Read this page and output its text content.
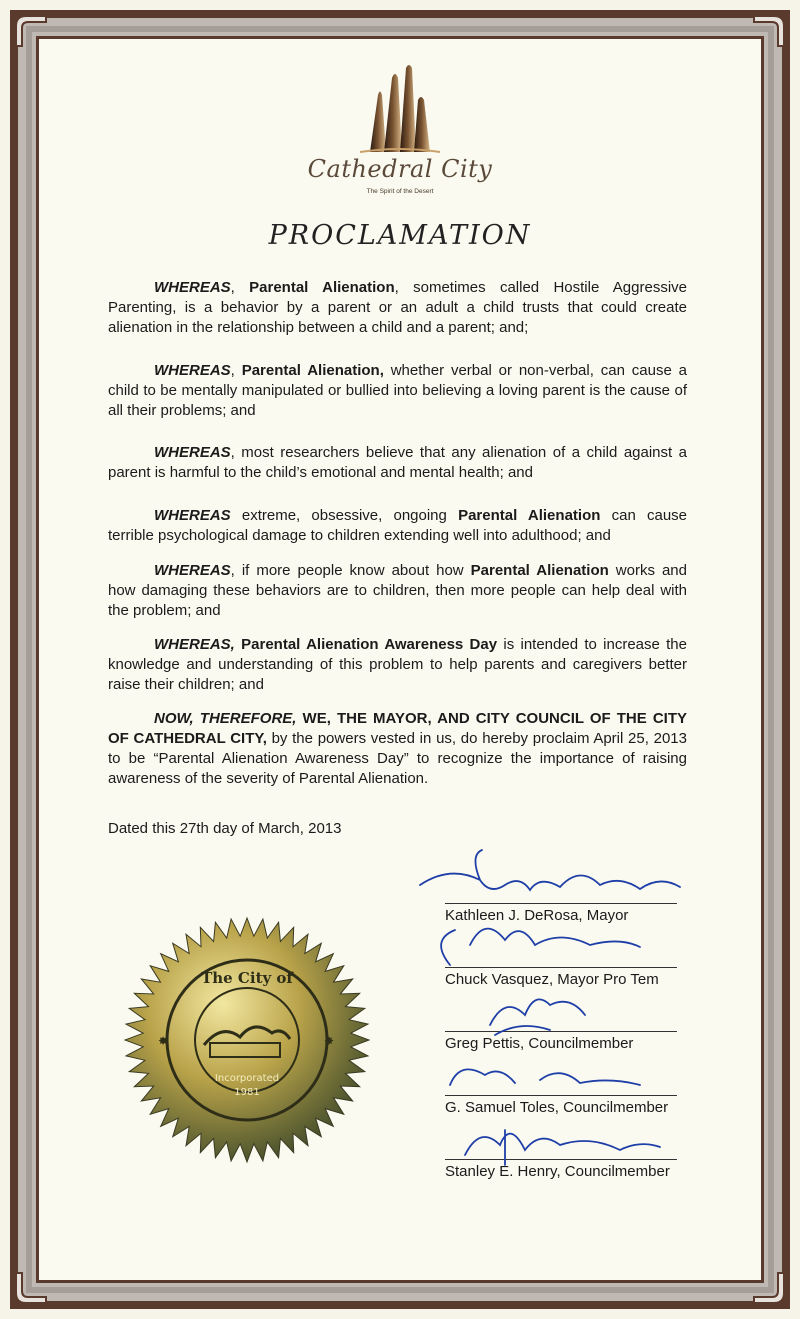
Cathedral City
The Spirit of the Desert
PROCLAMATION
WHEREAS, Parental Alienation, sometimes called Hostile Aggressive Parenting, is a behavior by a parent or an adult a child trusts that could create alienation in the relationship between a child and a parent; and;
WHEREAS, Parental Alienation, whether verbal or non-verbal, can cause a child to be mentally manipulated or bullied into believing a loving parent is the cause of all their problems; and
WHEREAS, most researchers believe that any alienation of a child against a parent is harmful to the child’s emotional and mental health; and
WHEREAS extreme, obsessive, ongoing Parental Alienation can cause terrible psychological damage to children extending well into adulthood; and
WHEREAS, if more people know about how Parental Alienation works and how damaging these behaviors are to children, then more people can help deal with the problem; and
WHEREAS, Parental Alienation Awareness Day is intended to increase the knowledge and understanding of this problem to help parents and caregivers better raise their children; and
NOW, THEREFORE, WE, THE MAYOR, AND CITY COUNCIL OF THE CITY OF CATHEDRAL CITY, by the powers vested in us, do hereby proclaim April 25, 2013 to be “Parental Alienation Awareness Day” to recognize the importance of raising awareness of the severity of Parental Alienation.
Dated this 27th day of March, 2013
The City of
Incorporated
1981
✸	✸
Kathleen J. DeRosa, Mayor
Chuck Vasquez, Mayor Pro Tem
Greg Pettis, Councilmember
G. Samuel Toles, Councilmember
Stanley E. Henry, Councilmember
